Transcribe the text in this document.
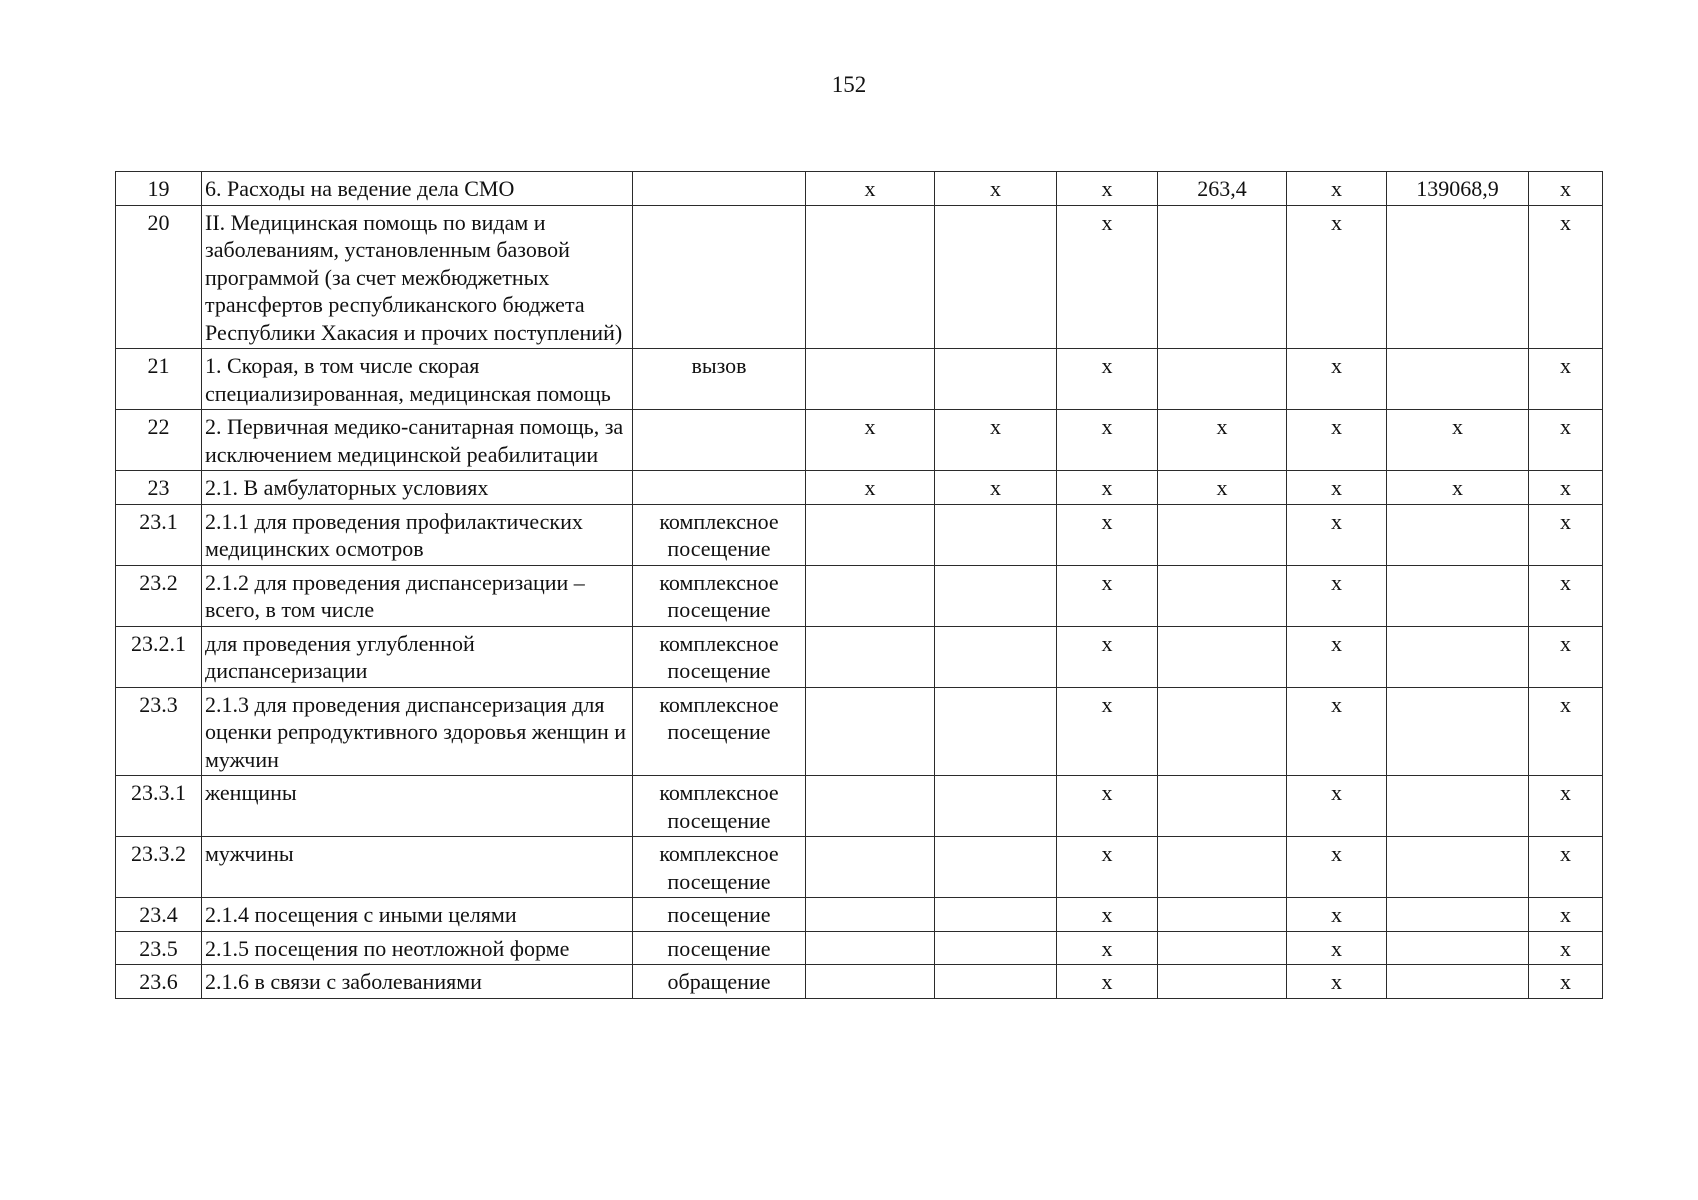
152
19	6. Расходы на ведение дела СМО		х	х	х	263,4	х	139068,9	х
20	II. Медицинская помощь по видам и заболеваниям, установленным базовой программой (за счет межбюджетных трансфертов республиканского бюджета Республики Хакасия и прочих поступлений)				х		х		х
21	1. Скорая, в том числе скорая специализированная, медицинская помощь	вызов			х		х		х
22	2. Первичная медико-санитарная помощь, за исключением медицинской реабилитации		х	х	х	х	х	х	х
23	2.1. В амбулаторных условиях		х	х	х	х	х	х	х
23.1	2.1.1 для проведения профилактических медицинских осмотров	комплексное посещение			х		х		х
23.2	2.1.2 для проведения диспансеризации – всего, в том числе	комплексное посещение			х		х		х
23.2.1	для проведения углубленной диспансеризации	комплексное посещение			х		х		х
23.3	2.1.3 для проведения диспансеризация для оценки репродуктивного здоровья женщин и мужчин	комплексное посещение			х		х		х
23.3.1	женщины	комплексное посещение			х		х		х
23.3.2	мужчины	комплексное посещение			х		х		х
23.4	2.1.4 посещения с иными целями	посещение			х		х		х
23.5	2.1.5 посещения по неотложной форме	посещение			х		х		х
23.6	2.1.6 в связи с заболеваниями	обращение			х		х		х
